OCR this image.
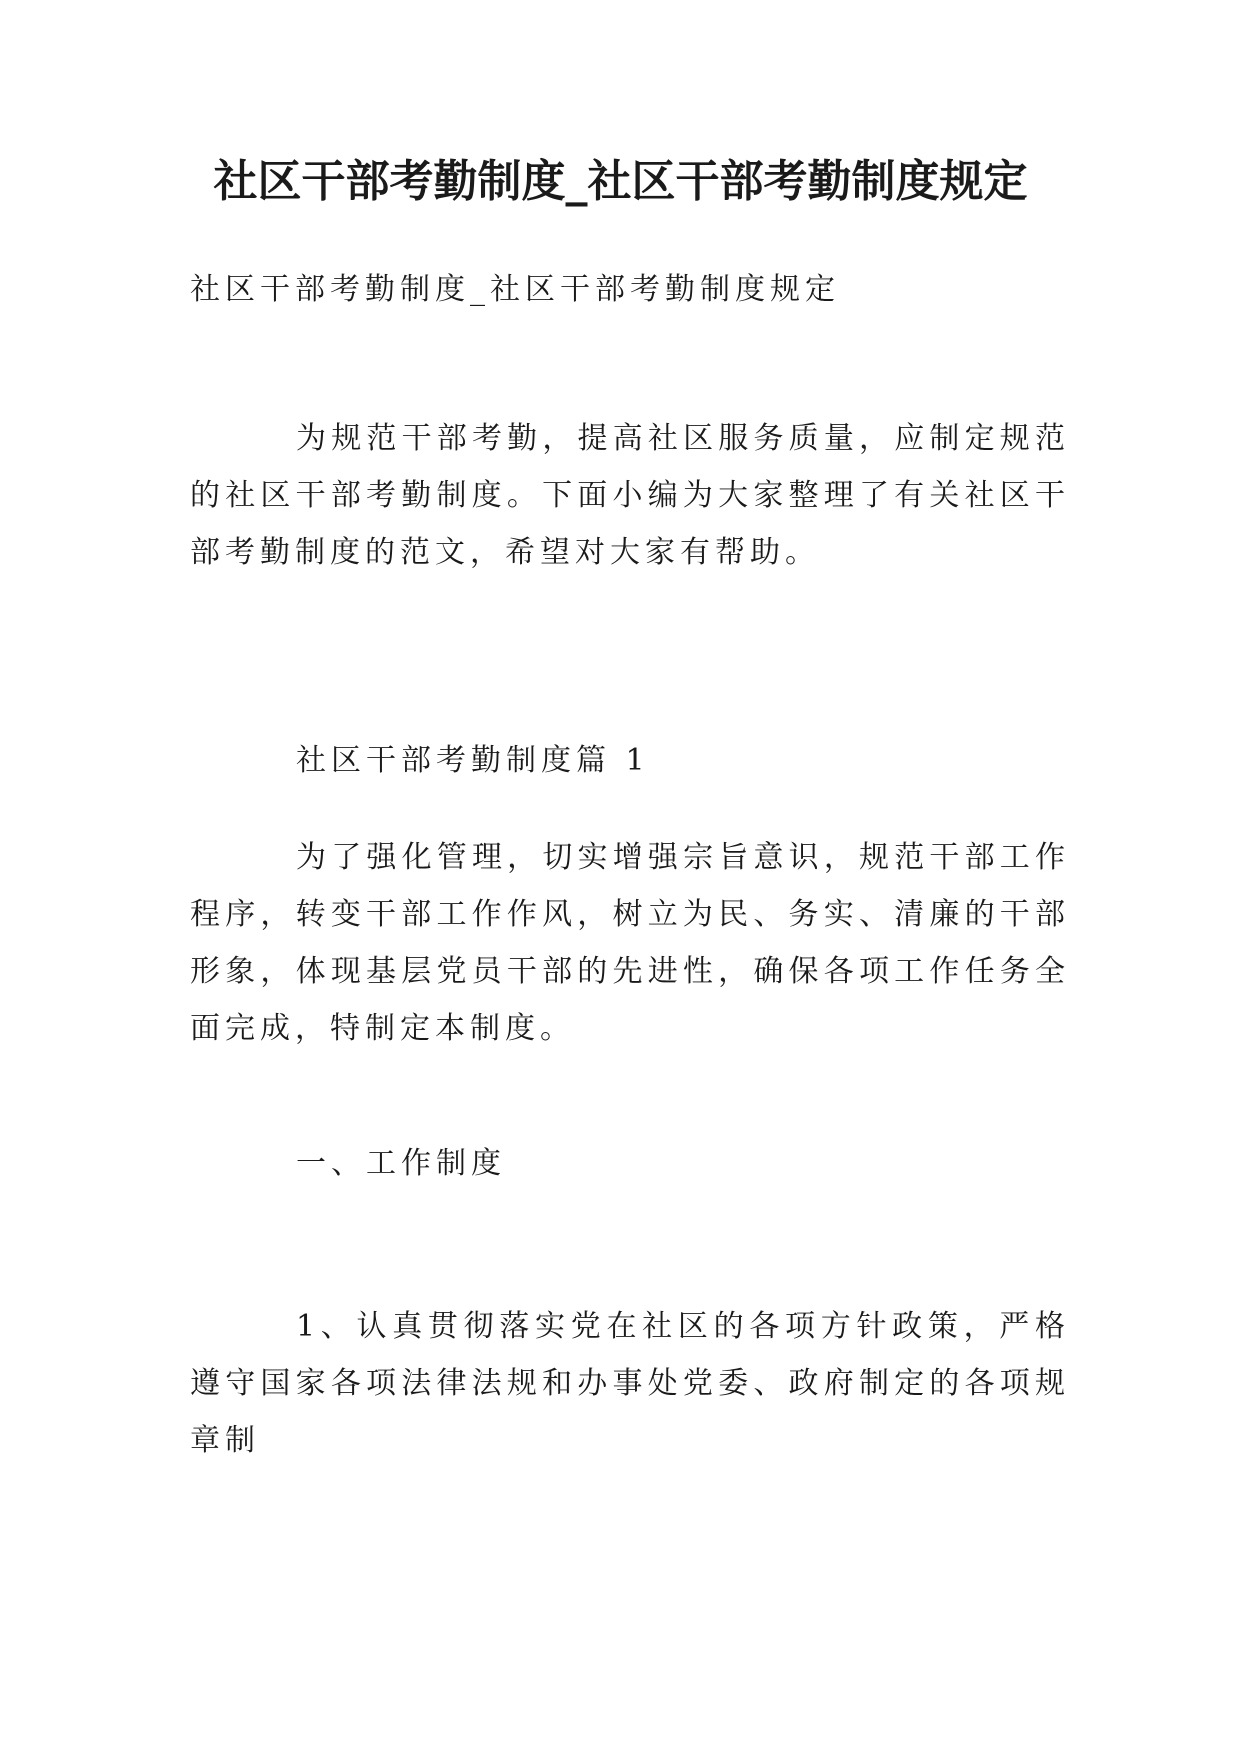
社区干部考勤制度_社区干部考勤制度规定

社区干部考勤制度_社区干部考勤制度规定

为规范干部考勤，提高社区服务质量，应制定规范的社区干部考勤制度。下面小编为大家整理了有关社区干部考勤制度的范文，希望对大家有帮助。

社区干部考勤制度篇 1

为了强化管理，切实增强宗旨意识，规范干部工作程序，转变干部工作作风，树立为民、务实、清廉的干部形象，体现基层党员干部的先进性，确保各项工作任务全面完成，特制定本制度。

一、工作制度

1、认真贯彻落实党在社区的各项方针政策，严格遵守国家各项法律法规和办事处党委、政府制定的各项规章制
